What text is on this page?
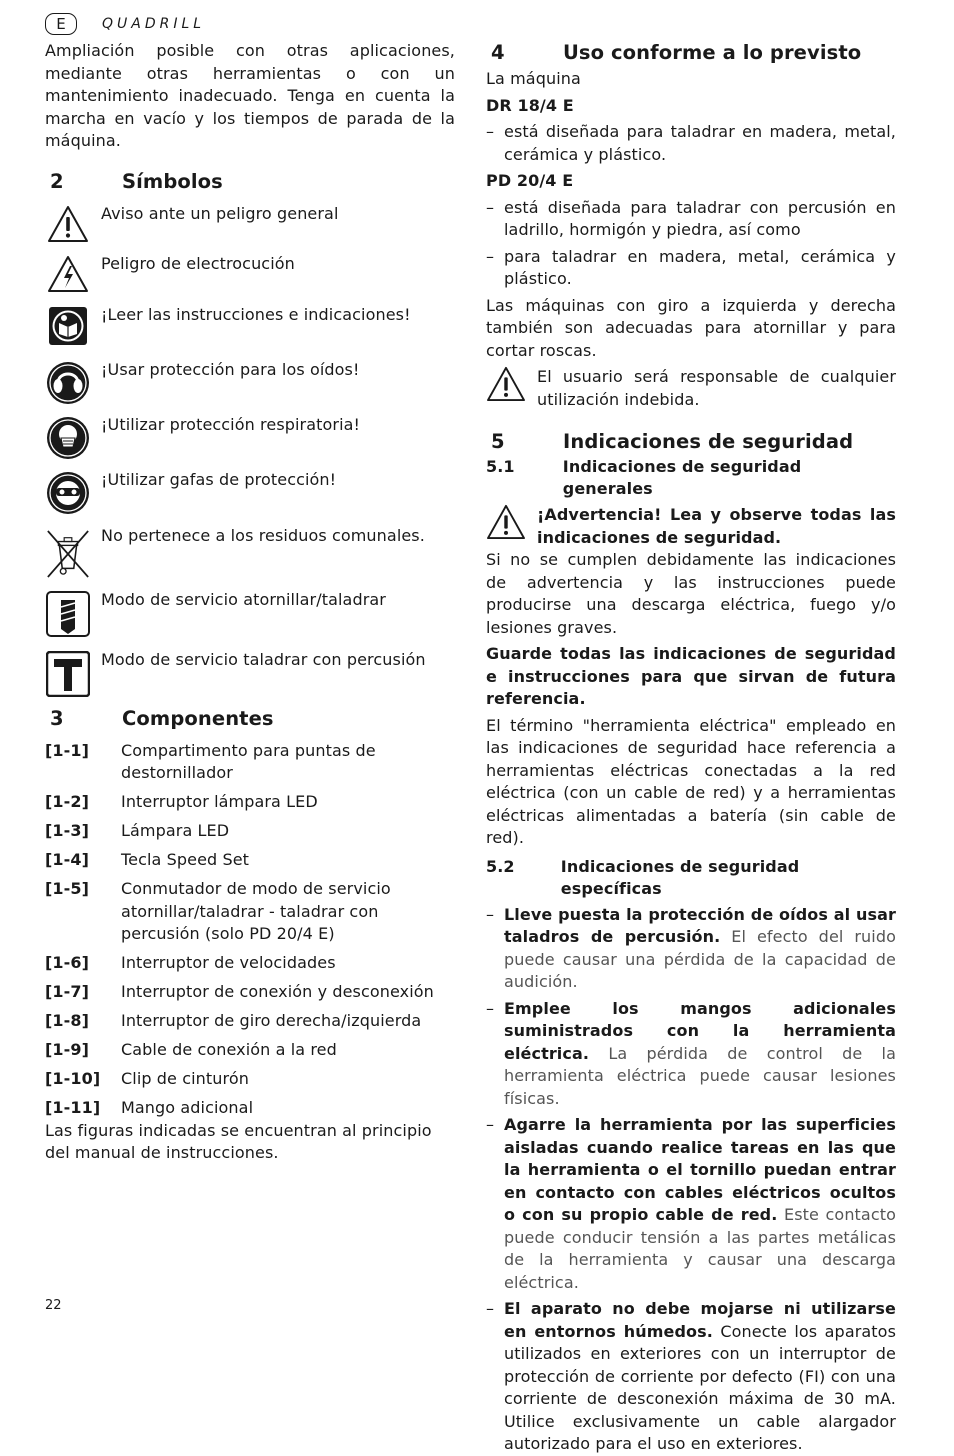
E	QUADRILL

Ampliación posible con otras aplicaciones, mediante otras herramientas o con un mantenimiento inadecuado. Tenga en cuenta la marcha en vacío y los tiempos de parada de la máquina.

2	Símbolos
Aviso ante un peligro general
Peligro de electrocución
¡Leer las instrucciones e indicaciones!
¡Usar protección para los oídos!
¡Utilizar protección respiratoria!
¡Utilizar gafas de protección!
No pertenece a los residuos comunales.
Modo de servicio atornillar/taladrar
Modo de servicio taladrar con percusión
3	Componentes
[1-1]	Compartimento para puntas de destornillador
[1-2]	Interruptor lámpara LED
[1-3]	Lámpara LED
[1-4]	Tecla Speed Set
[1-5]	Conmutador de modo de servicio atornillar/taladrar - taladrar con percusión (solo PD 20/4 E)
[1-6]	Interruptor de velocidades
[1-7]	Interruptor de conexión y desconexión
[1-8]	Interruptor de giro derecha/izquierda
[1-9]	Cable de conexión a la red
[1-10]	Clip de cinturón
[1-11]	Mango adicional

Las figuras indicadas se encuentran al principio del manual de instrucciones.

4	Uso conforme a lo previsto

La máquina

DR 18/4 E

– está diseñada para taladrar en madera, metal, cerámica y plástico.

PD 20/4 E

– está diseñada para taladrar con percusión en ladrillo, hormigón y piedra, así como
– para taladrar en madera, metal, cerámica y plástico.

Las máquinas con giro a izquierda y derecha también son adecuadas para atornillar y para cortar roscas.

El usuario será responsable de cualquier utilización indebida.

5	Indicaciones de seguridad
5.1	Indicaciones de seguridad generales

¡Advertencia! Lea y observe todas las indicaciones de seguridad.

Si no se cumplen debidamente las indicaciones de advertencia y las instrucciones puede producirse una descarga eléctrica, fuego y/o lesiones graves.

Guarde todas las indicaciones de seguridad e instrucciones para que sirvan de futura referencia.

El término "herramienta eléctrica" empleado en las indicaciones de seguridad hace referencia a herramientas eléctricas conectadas a la red eléctrica (con un cable de red) y a herramientas eléctricas alimentadas a batería (sin cable de red).

5.2	Indicaciones de seguridad específicas
– Lleve puesta la protección de oídos al usar taladros de percusión. El efecto del ruido puede causar una pérdida de la capacidad de audición.
– Emplee los mangos adicionales suministrados con la herramienta eléctrica. La pérdida de control de la herramienta eléctrica puede causar lesiones físicas.
– Agarre la herramienta por las superficies aisladas cuando realice tareas en las que la herramienta o el tornillo puedan entrar en contacto con cables eléctricos ocultos o con su propio cable de red. Este contacto puede conducir tensión a las partes metálicas de la herramienta y causar una descarga eléctrica.
– El aparato no debe mojarse ni utilizarse en entornos húmedos. Conecte los aparatos utilizados en exteriores con un interruptor de protección de corriente por defecto (FI) con una corriente de desconexión máxima de 30 mA. Utilice exclusivamente un cable alargador autorizado para el uso en exteriores.
22
